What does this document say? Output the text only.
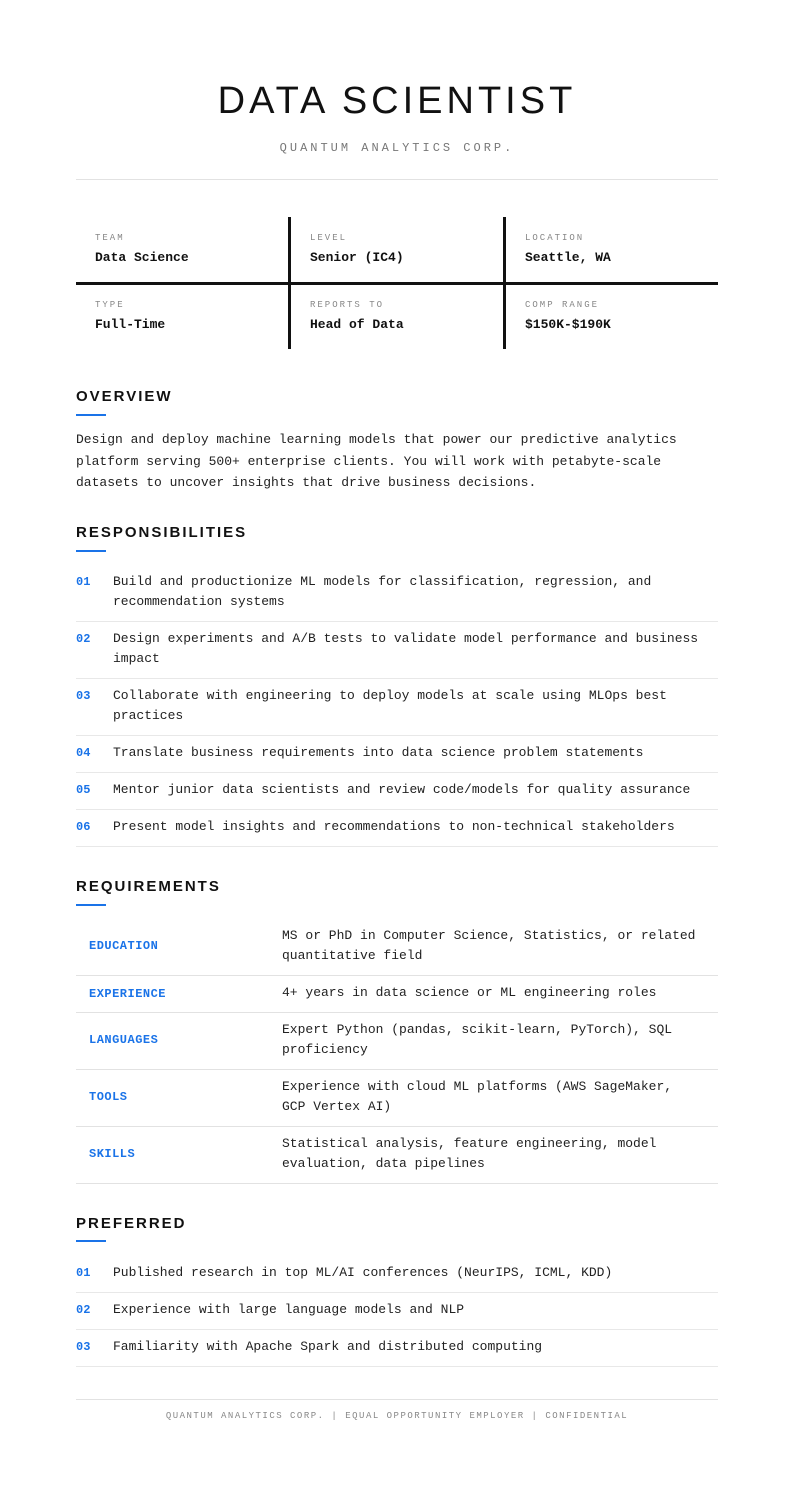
DATA SCIENTIST
QUANTUM ANALYTICS CORP.
TEAM
Data Science
LEVEL
Senior (IC4)
LOCATION
Seattle, WA
TYPE
Full-Time
REPORTS TO
Head of Data
COMP RANGE
$150K-$190K
OVERVIEW

Design and deploy machine learning models that power our predictive analytics platform serving 500+ enterprise clients. You will work with petabyte-scale datasets to uncover insights that drive business decisions.

RESPONSIBILITIES
01 Build and productionize ML models for classification, regression, and recommendation systems
02 Design experiments and A/B tests to validate model performance and business impact
03 Collaborate with engineering to deploy models at scale using MLOps best practices
04 Translate business requirements into data science problem statements
05 Mentor junior data scientists and review code/models for quality assurance
06 Present model insights and recommendations to non-technical stakeholders
REQUIREMENTS
EDUCATION
MS or PhD in Computer Science, Statistics, or related quantitative field
EXPERIENCE	4+ years in data science or ML engineering roles
LANGUAGES
Expert Python (pandas, scikit-learn, PyTorch), SQL proficiency
TOOLS
Experience with cloud ML platforms (AWS SageMaker, GCP Vertex AI)
SKILLS
Statistical analysis, feature engineering, model evaluation, data pipelines
PREFERRED
01 Published research in top ML/AI conferences (NeurIPS, ICML, KDD)
02 Experience with large language models and NLP
03 Familiarity with Apache Spark and distributed computing
QUANTUM ANALYTICS CORP. | EQUAL OPPORTUNITY EMPLOYER | CONFIDENTIAL
